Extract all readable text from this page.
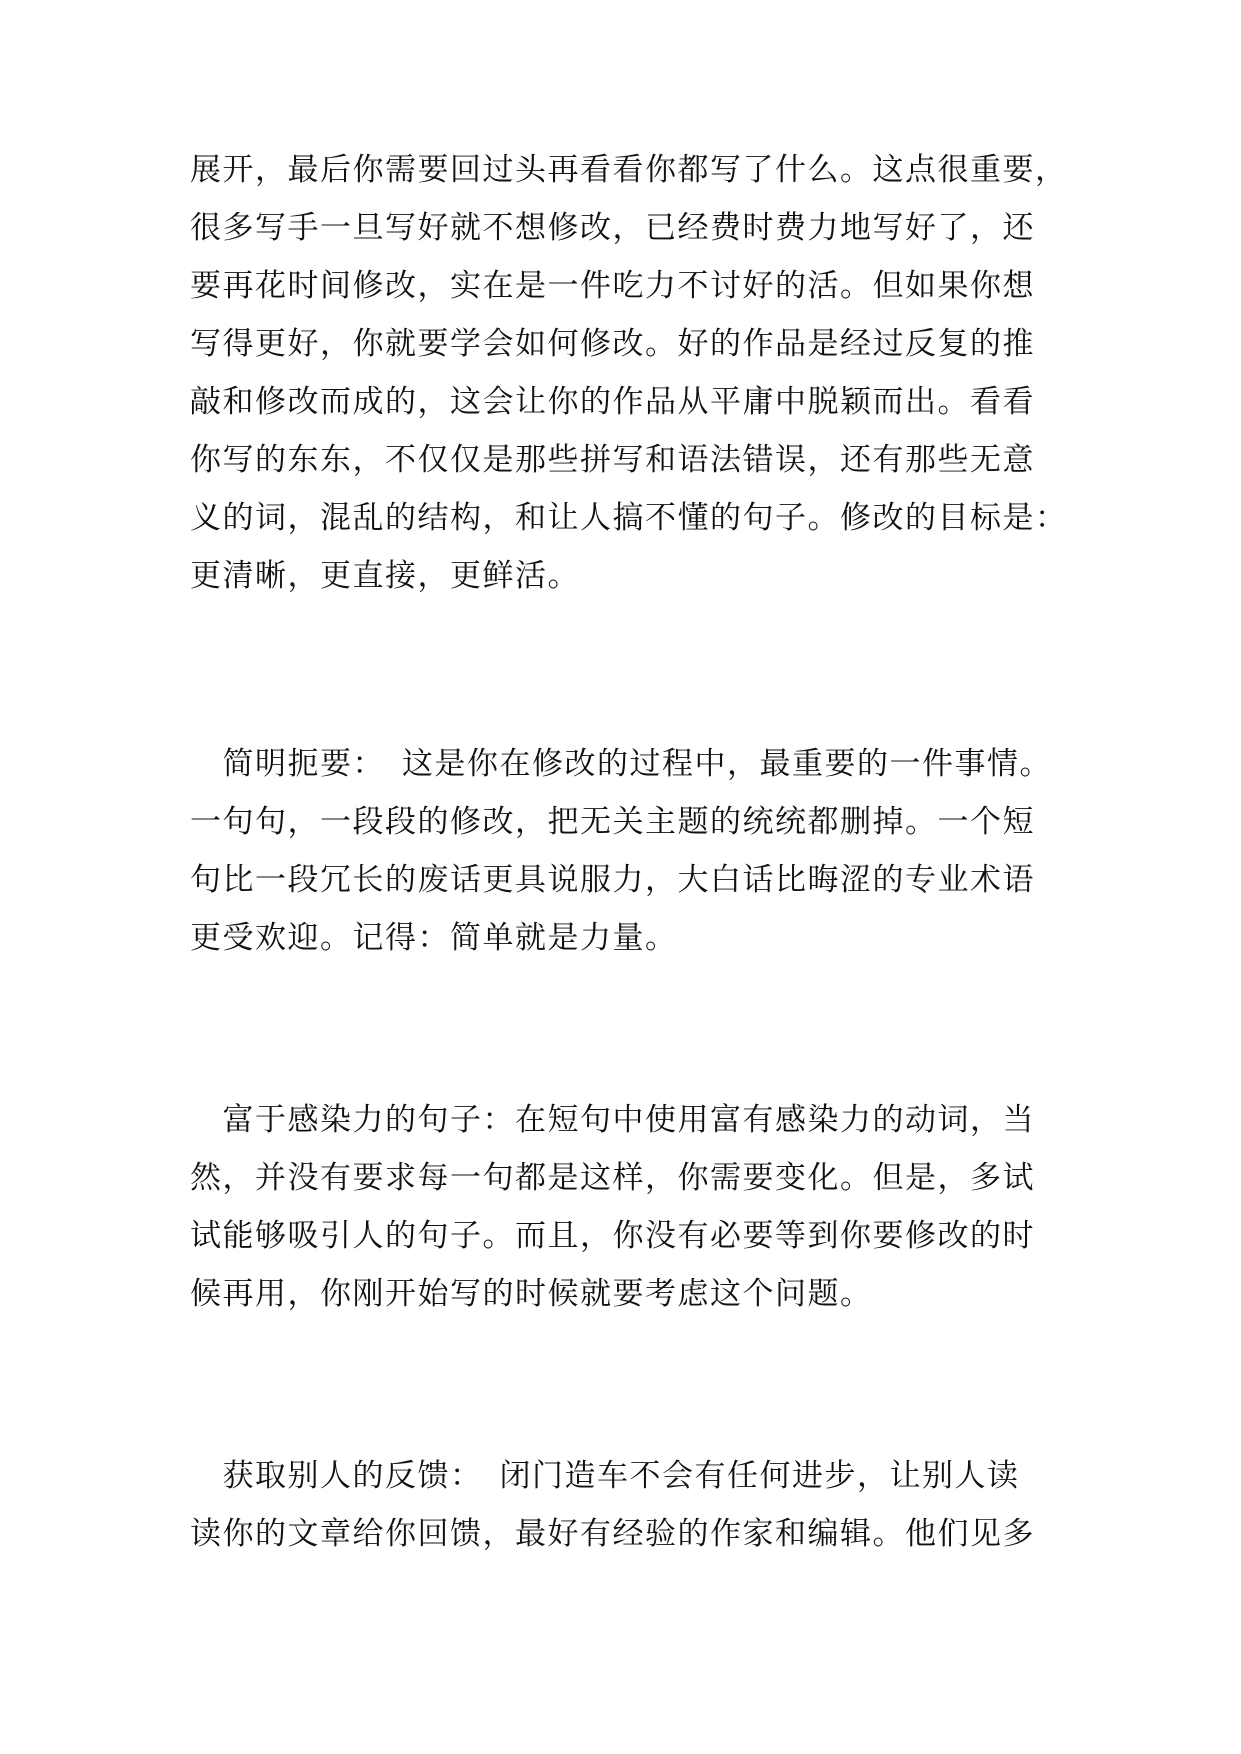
展开，最后你需要回过头再看看你都写了什么。这点很重要，

很多写手一旦写好就不想修改，已经费时费力地写好了，还

要再花时间修改，实在是一件吃力不讨好的活。但如果你想

写得更好，你就要学会如何修改。好的作品是经过反复的推

敲和修改而成的，这会让你的作品从平庸中脱颖而出。看看

你写的东东，不仅仅是那些拼写和语法错误，还有那些无意

义的词，混乱的结构，和让人搞不懂的句子。修改的目标是：

更清晰，更直接，更鲜活。

　简明扼要：　这是你在修改的过程中，最重要的一件事情。

一句句，一段段的修改，把无关主题的统统都删掉。一个短

句比一段冗长的废话更具说服力，大白话比晦涩的专业术语

更受欢迎。记得：简单就是力量。

　富于感染力的句子：在短句中使用富有感染力的动词，当

然，并没有要求每一句都是这样，你需要变化。但是，多试

试能够吸引人的句子。而且，你没有必要等到你要修改的时

候再用，你刚开始写的时候就要考虑这个问题。

　获取别人的反馈：　闭门造车不会有任何进步，让别人读

读你的文章给你回馈，最好有经验的作家和编辑。他们见多
